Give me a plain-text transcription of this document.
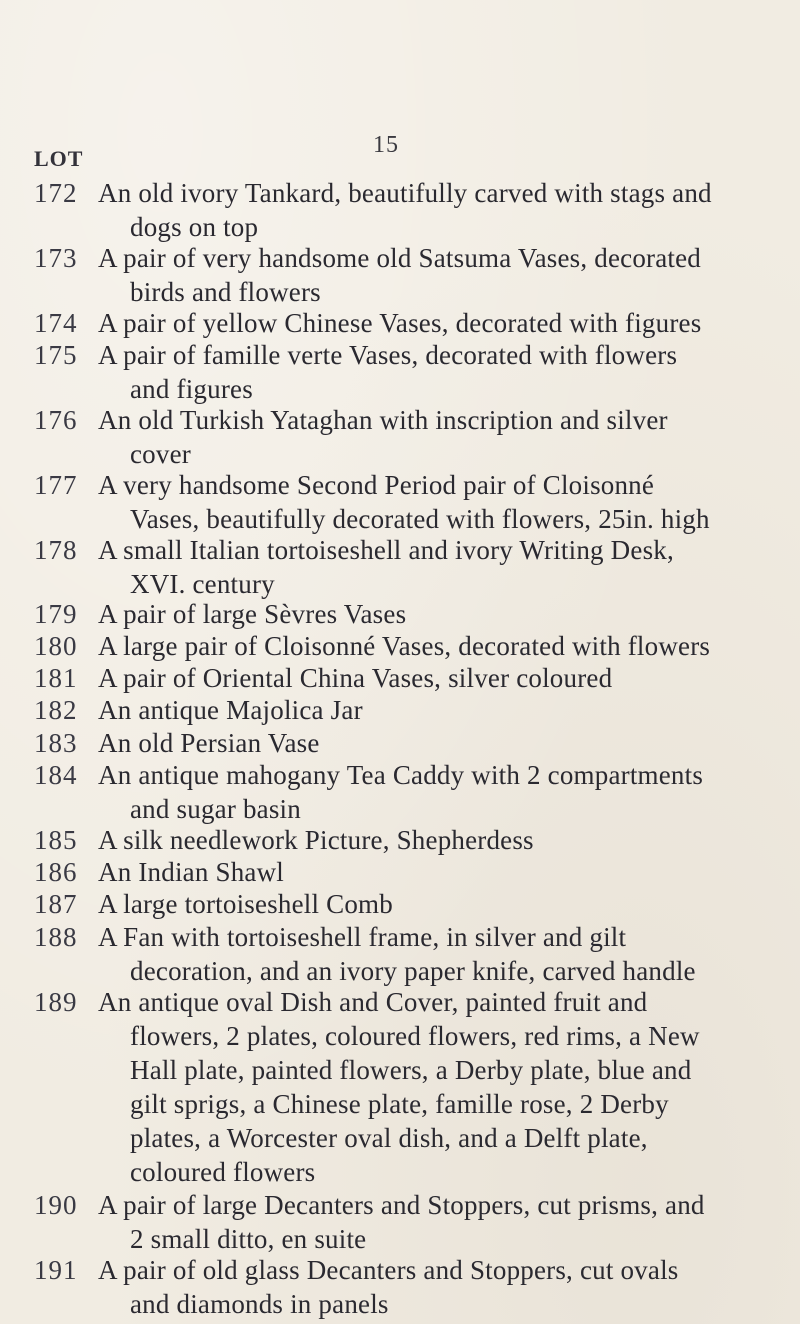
15
LOT
172 An old ivory Tankard, beautifully carved with stags and
dogs on top
173 A pair of very handsome old Satsuma Vases, decorated
birds and flowers
174 A pair of yellow Chinese Vases, decorated with figures
175 A pair of famille verte Vases, decorated with flowers
and figures
176 An old Turkish Yataghan with inscription and silver
cover
177 A very handsome Second Period pair of Cloisonné
Vases, beautifully decorated with flowers, 25in. high
178 A small Italian tortoiseshell and ivory Writing Desk,
XVI. century
179 A pair of large Sèvres Vases
180 A large pair of Cloisonné Vases, decorated with flowers
181 A pair of Oriental China Vases, silver coloured
182 An antique Majolica Jar
183 An old Persian Vase
184 An antique mahogany Tea Caddy with 2 compartments
and sugar basin
185 A silk needlework Picture, Shepherdess
186 An Indian Shawl
187 A large tortoiseshell Comb
188 A Fan with tortoiseshell frame, in silver and gilt
decoration, and an ivory paper knife, carved handle
189 An antique oval Dish and Cover, painted fruit and
flowers, 2 plates, coloured flowers, red rims, a New
Hall plate, painted flowers, a Derby plate, blue and
gilt sprigs, a Chinese plate, famille rose, 2 Derby
plates, a Worcester oval dish, and a Delft plate,
coloured flowers
190 A pair of large Decanters and Stoppers, cut prisms, and
2 small ditto, en suite
191 A pair of old glass Decanters and Stoppers, cut ovals
and diamonds in panels
